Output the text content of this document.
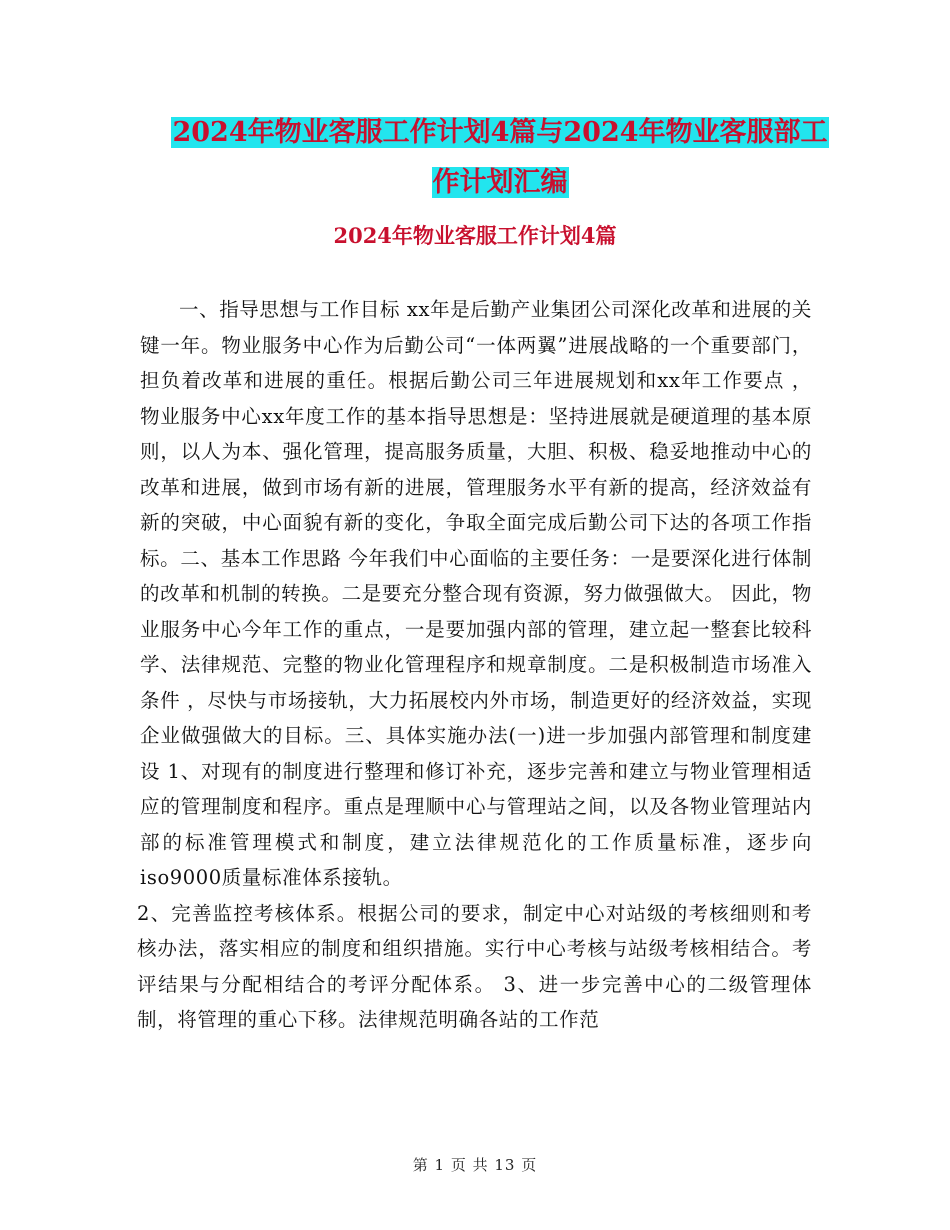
2024年物业客服工作计划4篇与2024年物业客服部工
作计划汇编
2024年物业客服工作计划4篇

一、指导思想与工作目标 xx年是后勤产业集团公司深化改革和进展的关键一年。物业服务中心作为后勤公司“一体两翼”进展战略的一个重要部门，担负着改革和进展的重任。根据后勤公司三年进展规划和xx年工作要点 ，物业服务中心xx年度工作的基本指导思想是：坚持进展就是硬道理的基本原则，以人为本、强化管理，提高服务质量，大胆、积极、稳妥地推动中心的改革和进展，做到市场有新的进展，管理服务水平有新的提高，经济效益有新的突破，中心面貌有新的变化，争取全面完成后勤公司下达的各项工作指标。二、基本工作思路 今年我们中心面临的主要任务：一是要深化进行体制的改革和机制的转换。二是要充分整合现有资源，努力做强做大。 因此，物业服务中心今年工作的重点，一是要加强内部的管理，建立起一整套比较科学、法律规范、完整的物业化管理程序和规章制度。二是积极制造市场准入条件 ，尽快与市场接轨，大力拓展校内外市场，制造更好的经济效益，实现企业做强做大的目标。三、具体实施办法(一)进一步加强内部管理和制度建设 1、对现有的制度进行整理和修订补充，逐步完善和建立与物业管理相适应的管理制度和程序。重点是理顺中心与管理站之间，以及各物业管理站内部的标准管理模式和制度，建立法律规范化的工作质量标准，逐步向iso9000质量标准体系接轨。

2、完善监控考核体系。根据公司的要求，制定中心对站级的考核细则和考核办法，落实相应的制度和组织措施。实行中心考核与站级考核相结合。考评结果与分配相结合的考评分配体系。 3、进一步完善中心的二级管理体制，将管理的重心下移。法律规范明确各站的工作范

第 1 页 共 13 页
